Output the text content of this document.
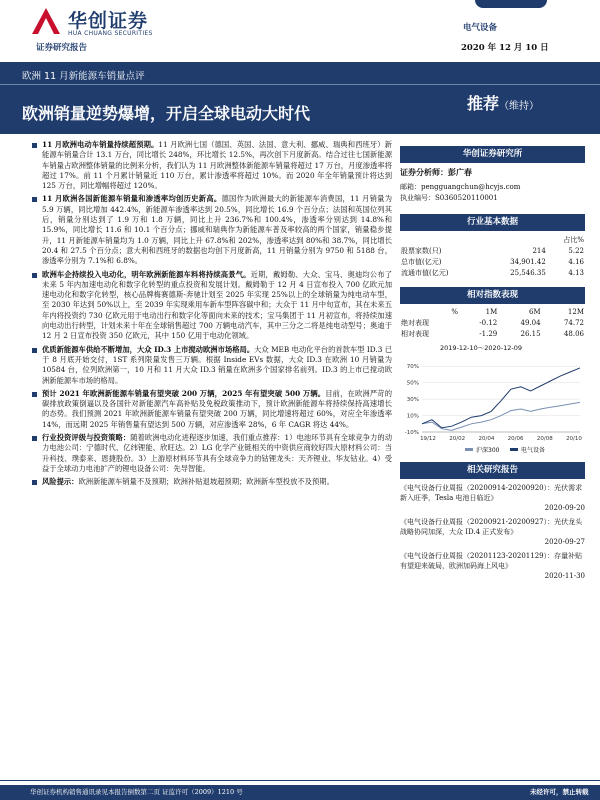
华创证券
HUA CHUANG SECURITIES
证券研究报告
电气设备
2020 年 12 月 10 日
欧洲 11 月新能源车销量点评
欧洲销量逆势爆增，开启全球电动大时代
推荐（维持）
11 月欧洲电动车销量持续超预期。11 月欧洲七国（德国、英国、法国、意大利、挪威、瑞典和西班牙）新能源车销量合计 13.1 万台，同比增长 248%，环比增长 12.5%，再次创下月度新高。结合过往七国新能源车销量占欧洲整体销量的比例来分析，我们认为 11 月欧洲整体新能源车销量将超过 17 万台，月度渗透率将超过 17%。前 11 个月累计销量近 110 万台，累计渗透率将超过 10%。而 2020 年全年销量预计将达到 125 万台，同比增幅将超过 120%。
11 月欧洲各国新能源车销量和渗透率均创历史新高。德国作为欧洲最大的新能源车消费国，11 月销量为 5.9 万辆，同比增加 442.4%，新能源车渗透率达到 20.5%，同比增长 16.9 个百分点；法国和英国位列其后，销量分别达到了 1.9 万和 1.8 万辆，同比上升 236.7%和 100.4%，渗透率分别达到 14.8%和 15.9%，同比增长 11.6 和 10.1 个百分点；挪威和瑞典作为新能源车普及率较高的两个国家，销量稳步提升，11 月新能源车销量均为 1.0 万辆，同比上升 67.8%和 202%，渗透率达到 80%和 38.7%，同比增长 20.4 和 27.5 个百分点；意大利和西班牙的数据也均创下月度新高，11 月销量分别为 9750 和 5188 台，渗透率分别为 7.1%和 6.8%。
欧洲车企持续投入电动化，明年欧洲新能源车料将持续高景气。近期，戴姆勒、大众、宝马、奥迪均公布了未来 5 年内加速电动化和数字化转型的重点投资和发展计划。戴姆勒于 12 月 4 日宣布投入 700 亿欧元加速电动化和数字化转型，核心品牌梅赛德斯-奔驰计划至 2025 年实现 25%以上的全球销量为纯电动车型，至 2030 年达到 50%以上，至 2039 年实现乘用车新车型阵容碳中和；大众于 11 月中旬宣布，其在未来五年内将投资约 730 亿欧元用于电动出行和数字化等面向未来的技术；宝马集团于 11 月初宣布，将持续加速向电动出行转型，计划未来十年在全球销售超过 700 万辆电动汽车，其中三分之二将是纯电动型号；奥迪于 12 月 2 日宣布投资 350 亿欧元，其中 150 亿用于电动化领域。
优质新能源车供给不断增加，大众 ID.3 上市搅动欧洲市场格局。大众 MEB 电动化平台的首款车型 ID.3 已于 8 月底开始交付，1ST 系列限量发售三万辆。根据 Inside EVs 数据，大众 ID.3 在欧洲 10 月销量为 10584 台，位列欧洲第一，10 月和 11 月大众 ID.3 销量在欧洲多个国家排名前列。ID.3 的上市已搅动欧洲新能源车市场的格局。
预计 2021 年欧洲新能源车销量有望突破 200 万辆，2025 年有望突破 500 万辆。目前，在欧洲严苛的碳排放政策倒逼以及各国针对新能源汽车高补贴及免税政策推动下，预计欧洲新能源车将持续保持高速增长的态势。我们预测 2021 年欧洲新能源车销量有望突破 200 万辆，同比增速将超过 60%，对应全年渗透率 14%，而远期 2025 年销售量有望达到 500 万辆，对应渗透率 28%，6 年 CAGR 将达 44%。
行业投资评级与投资策略：随着欧洲电动化进程逐步加速，我们重点推荐：1）电池环节具有全球竞争力的动力电池公司：宁德时代、亿纬锂能、欣旺达。2）LG 化学产业链相关的中资供应商较好四大原材料公司：当升科技、璞泰来、恩捷股份。3）上游原材料环节具有全球竞争力的钴锂龙头：天齐锂业、华友钴业。4）受益于全球动力电池扩产的锂电设备公司：先导智能。
风险提示：欧洲新能源车销量不及预期；欧洲补贴退坡超预期；欧洲新车型投放不及预期。
华创证券研究所
证券分析师：彭广春
邮箱：pengguangchun@hcyjs.com
执业编号：S0360520110001
行业基本数据
		占比%
股票家数(只)	214	5.22
总市值(亿元)	34,901.42	4.16
流通市值(亿元)	25,546.35	4.13
相对指数表现
%	1M	6M	12M
绝对表现	-0.12	49.04	74.72
相对表现	-1.29	26.15	48.06
2019-12-10～2020-12-09
-10%
10%
30%
50%
70%
19/12 20/02 20/04 20/06 20/08 20/10
沪深300	电气设备
相关研究报告
《电气设备行业周报（20200914-20200920）：光伏需求新入旺季，Tesla 电池日临近》
2020-09-20
《电气设备行业周报（20200921-20200927）：光伏龙头战略协同加深，大众 ID.4 正式发布》
2020-09-27
《电气设备行业周报（20201123-20201129）：存量补贴有望迎来破局，欧洲加码海上风电》
2020-11-30
华创证券机构销售通讯录见本报告倒数第二页 证监许可（2009）1210 号	未经许可，禁止转载
